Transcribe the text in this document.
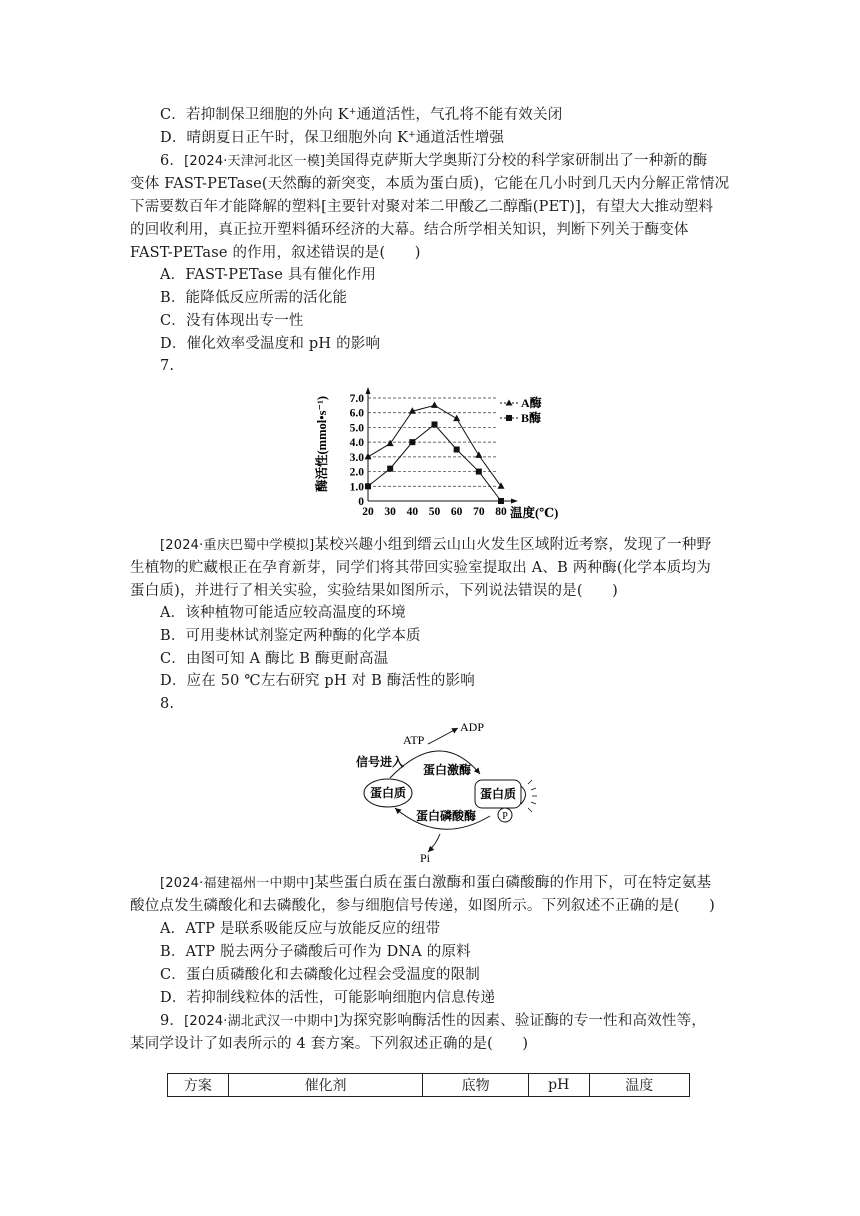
C．若抑制保卫细胞的外向 K+通道活性，气孔将不能有效关闭
D．晴朗夏日正午时，保卫细胞外向 K+通道活性增强
6．[2024·天津河北区一模]美国得克萨斯大学奥斯汀分校的科学家研制出了一种新的酶
变体 FAST-PETase(天然酶的新突变，本质为蛋白质)，它能在几小时到几天内分解正常情况
下需要数百年才能降解的塑料[主要针对聚对苯二甲酸乙二醇酯(PET)]，有望大大推动塑料
的回收利用，真正拉开塑料循环经济的大幕。结合所学相关知识，判断下列关于酶变体
FAST-PETase 的作用，叙述错误的是(　　)
A．FAST-PETase 具有催化作用
B．能降低反应所需的活化能
C．没有体现出专一性
D．催化效率受温度和 pH 的影响
7.
0
1.0
2.0
3.0
4.0
5.0
6.0
7.0
20 30 40 50 60 70 80
酶活性(mmol•s⁻¹)
温度(℃)
A酶
B酶
[2024·重庆巴蜀中学模拟]某校兴趣小组到缙云山山火发生区域附近考察，发现了一种野
生植物的贮藏根正在孕育新芽，同学们将其带回实验室提取出 A、B 两种酶(化学本质均为
蛋白质)，并进行了相关实验，实验结果如图所示，下列说法错误的是(　　)
A．该种植物可能适应较高温度的环境
B．可用斐林试剂鉴定两种酶的化学本质
C．由图可知 A 酶比 B 酶更耐高温
D．应在 50 ℃左右研究 pH 对 B 酶活性的影响
8.
ATP
ADP
信号进入
蛋白激酶
蛋白质	蛋白质
P
蛋白磷酸酶
Pi
[2024·福建福州一中期中]某些蛋白质在蛋白激酶和蛋白磷酸酶的作用下，可在特定氨基
酸位点发生磷酸化和去磷酸化，参与细胞信号传递，如图所示。下列叙述不正确的是(　　)
A．ATP 是联系吸能反应与放能反应的纽带
B．ATP 脱去两分子磷酸后可作为 DNA 的原料
C．蛋白质磷酸化和去磷酸化过程会受温度的限制
D．若抑制线粒体的活性，可能影响细胞内信息传递
9．[2024·湖北武汉一中期中]为探究影响酶活性的因素、验证酶的专一性和高效性等，
某同学设计了如表所示的 4 套方案。下列叙述正确的是(　　)
方案	催化剂	底物	pH	温度
